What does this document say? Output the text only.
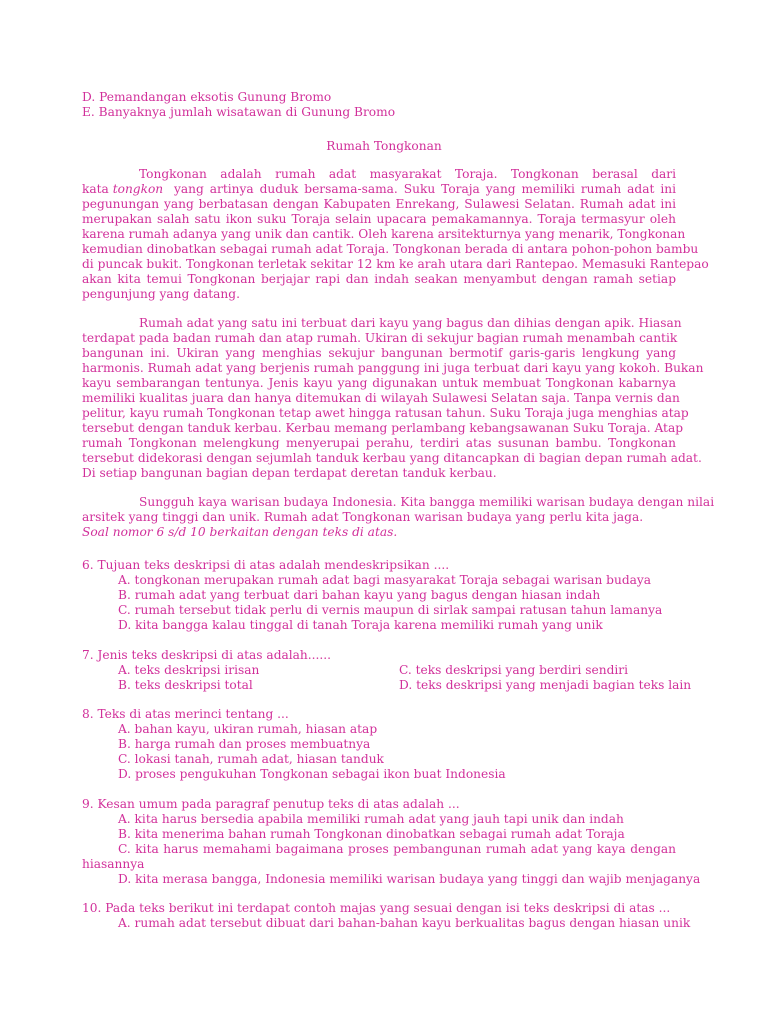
D. Pemandangan eksotis Gunung Bromo
E. Banyaknya jumlah wisatawan di Gunung Bromo
Rumah Tongkonan
Tongkonan adalah rumah adat masyarakat Toraja. Tongkonan berasal dari
kata tongkon yang artinya duduk bersama-sama. Suku Toraja yang memiliki rumah adat ini
pegunungan yang berbatasan dengan Kabupaten Enrekang, Sulawesi Selatan. Rumah adat ini
merupakan salah satu ikon suku Toraja selain upacara pemakamannya. Toraja termasyur oleh
karena rumah adanya yang unik dan cantik. Oleh karena arsitekturnya yang menarik, Tongkonan
kemudian dinobatkan sebagai rumah adat Toraja. Tongkonan berada di antara pohon-pohon bambu
di puncak bukit. Tongkonan terletak sekitar 12 km ke arah utara dari Rantepao. Memasuki Rantepao
akan kita temui Tongkonan berjajar rapi dan indah seakan menyambut dengan ramah setiap
pengunjung yang datang.
Rumah adat yang satu ini terbuat dari kayu yang bagus dan dihias dengan apik. Hiasan
terdapat pada badan rumah dan atap rumah. Ukiran di sekujur bagian rumah menambah cantik
bangunan ini. Ukiran yang menghias sekujur bangunan bermotif garis-garis lengkung yang
harmonis. Rumah adat yang berjenis rumah panggung ini juga terbuat dari kayu yang kokoh. Bukan
kayu sembarangan tentunya. Jenis kayu yang digunakan untuk membuat Tongkonan kabarnya
memiliki kualitas juara dan hanya ditemukan di wilayah Sulawesi Selatan saja. Tanpa vernis dan
pelitur, kayu rumah Tongkonan tetap awet hingga ratusan tahun. Suku Toraja juga menghias atap
tersebut dengan tanduk kerbau. Kerbau memang perlambang kebangsawanan Suku Toraja. Atap
rumah Tongkonan melengkung menyerupai perahu, terdiri atas susunan bambu. Tongkonan
tersebut didekorasi dengan sejumlah tanduk kerbau yang ditancapkan di bagian depan rumah adat.
Di setiap bangunan bagian depan terdapat deretan tanduk kerbau.
Sungguh kaya warisan budaya Indonesia. Kita bangga memiliki warisan budaya dengan nilai
arsitek yang tinggi dan unik. Rumah adat Tongkonan warisan budaya yang perlu kita jaga.
Soal nomor 6 s/d 10 berkaitan dengan teks di atas.
6. Tujuan teks deskripsi di atas adalah mendeskripsikan ....
A. tongkonan merupakan rumah adat bagi masyarakat Toraja sebagai warisan budaya
B. rumah adat yang terbuat dari bahan kayu yang bagus dengan hiasan indah
C. rumah tersebut tidak perlu di vernis maupun di sirlak sampai ratusan tahun lamanya
D. kita bangga kalau tinggal di tanah Toraja karena memiliki rumah yang unik
7. Jenis teks deskripsi di atas adalah......
A. teks deskripsi irisan	C. teks deskripsi yang berdiri sendiri
B. teks deskripsi total	D. teks deskripsi yang menjadi bagian teks lain
8. Teks di atas merinci tentang ...
A. bahan kayu, ukiran rumah, hiasan atap
B. harga rumah dan proses membuatnya
C. lokasi tanah, rumah adat, hiasan tanduk
D. proses pengukuhan Tongkonan sebagai ikon buat Indonesia
9. Kesan umum pada paragraf penutup teks di atas adalah ...
A. kita harus bersedia apabila memiliki rumah adat yang jauh tapi unik dan indah
B. kita menerima bahan rumah Tongkonan dinobatkan sebagai rumah adat Toraja
C. kita harus memahami bagaimana proses pembangunan rumah adat yang kaya dengan
hiasannya
D. kita merasa bangga, Indonesia memiliki warisan budaya yang tinggi dan wajib menjaganya
10. Pada teks berikut ini terdapat contoh majas yang sesuai dengan isi teks deskripsi di atas ...
A. rumah adat tersebut dibuat dari bahan-bahan kayu berkualitas bagus dengan hiasan unik
